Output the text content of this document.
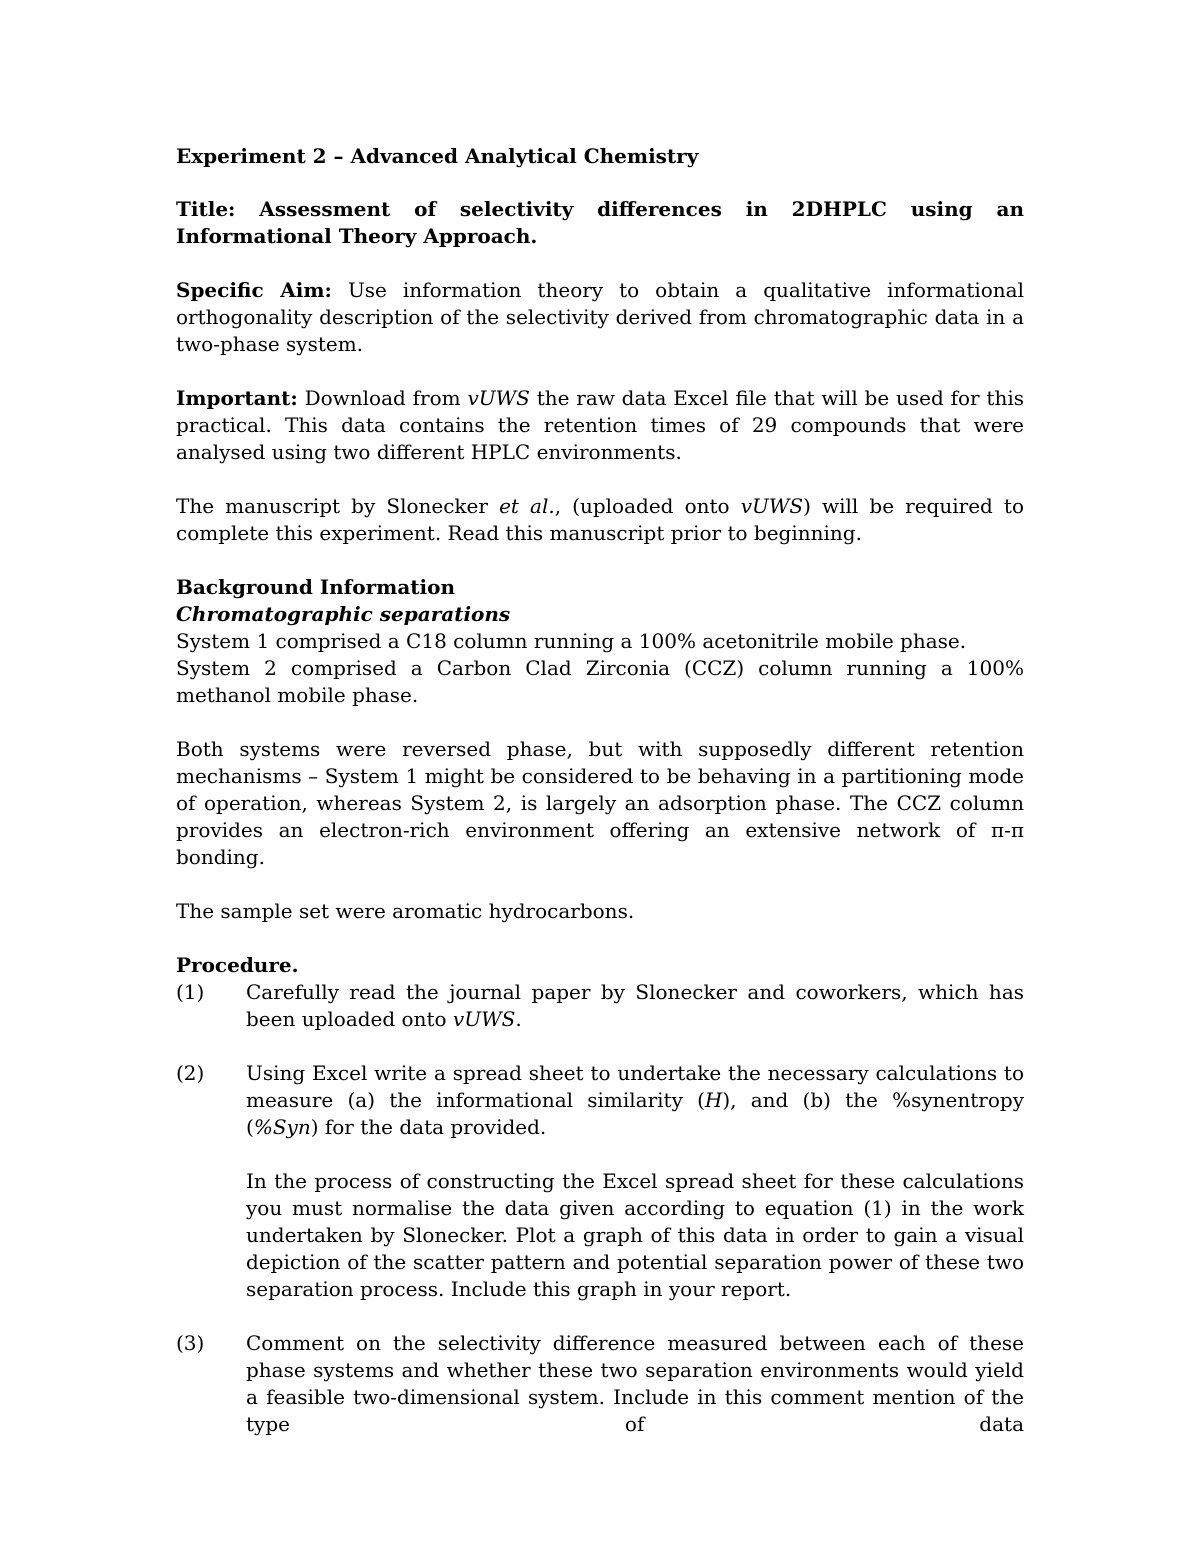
Experiment 2 – Advanced Analytical Chemistry

Title: Assessment of selectivity differences in 2DHPLC using an Informational Theory Approach.

Specific Aim: Use information theory to obtain a qualitative informational orthogonality description of the selectivity derived from chromatographic data in a two-phase system.

Important: Download from vUWS the raw data Excel file that will be used for this practical. This data contains the retention times of 29 compounds that were analysed using two different HPLC environments.

The manuscript by Slonecker et al., (uploaded onto vUWS) will be required to complete this experiment. Read this manuscript prior to beginning.

Background Information

Chromatographic separations

System 1 comprised a C18 column running a 100% acetonitrile mobile phase.

System 2 comprised a Carbon Clad Zirconia (CCZ) column running a 100% methanol mobile phase.

Both systems were reversed phase, but with supposedly different retention mechanisms – System 1 might be considered to be behaving in a partitioning mode of operation, whereas System 2, is largely an adsorption phase. The CCZ column provides an electron-rich environment offering an extensive network of π-π bonding.

The sample set were aromatic hydrocarbons.

Procedure.

(1)	Carefully read the journal paper by Slonecker and coworkers, which has been uploaded onto vUWS.

(2)	Using Excel write a spread sheet to undertake the necessary calculations to measure (a) the informational similarity (H), and (b) the %synentropy (%Syn) for the data provided.

In the process of constructing the Excel spread sheet for these calculations you must normalise the data given according to equation (1) in the work undertaken by Slonecker. Plot a graph of this data in order to gain a visual depiction of the scatter pattern and potential separation power of these two separation process. Include this graph in your report.

(3)	Comment on the selectivity difference measured between each of these phase systems and whether these two separation environments would yield a feasible two-dimensional system. Include in this comment mention of the type of data
